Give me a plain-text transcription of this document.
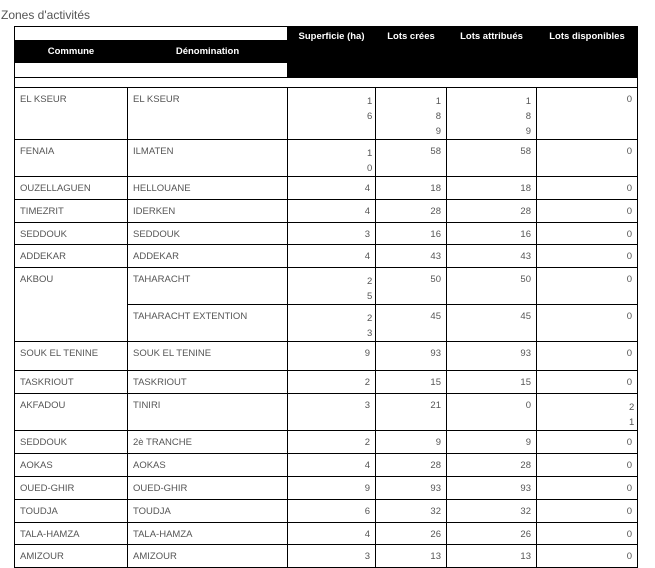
Zones d'activités
		Superficie (ha)	Lots crées	Lots attribués	Lots disponibles
Commune	Dénomination				

EL KSEUR	EL KSEUR	16	189	189	0
FENAIA	ILMATEN	10	58	58	0
OUZELLAGUEN	HELLOUANE	4	18	18	0
TIMEZRIT	IDERKEN	4	28	28	0
SEDDOUK	SEDDOUK	3	16	16	0
ADDEKAR	ADDEKAR	4	43	43	0
AKBOU	TAHARACHT	25	50	50	0
	TAHARACHT EXTENTION	23	45	45	0
SOUK EL TENINE	SOUK EL TENINE	9	93	93	0
TASKRIOUT	TASKRIOUT	2	15	15	0
AKFADOU	TINIRI	3	21	0	21

SEDDOUK	2è TRANCHE	2	9	9	0
AOKAS	AOKAS	4	28	28	0
OUED-GHIR	OUED-GHIR	9	93	93	0
TOUDJA	TOUDJA	6	32	32	0
TALA-HAMZA	TALA-HAMZA	4	26	26	0
AMIZOUR	AMIZOUR	3	13	13	0
